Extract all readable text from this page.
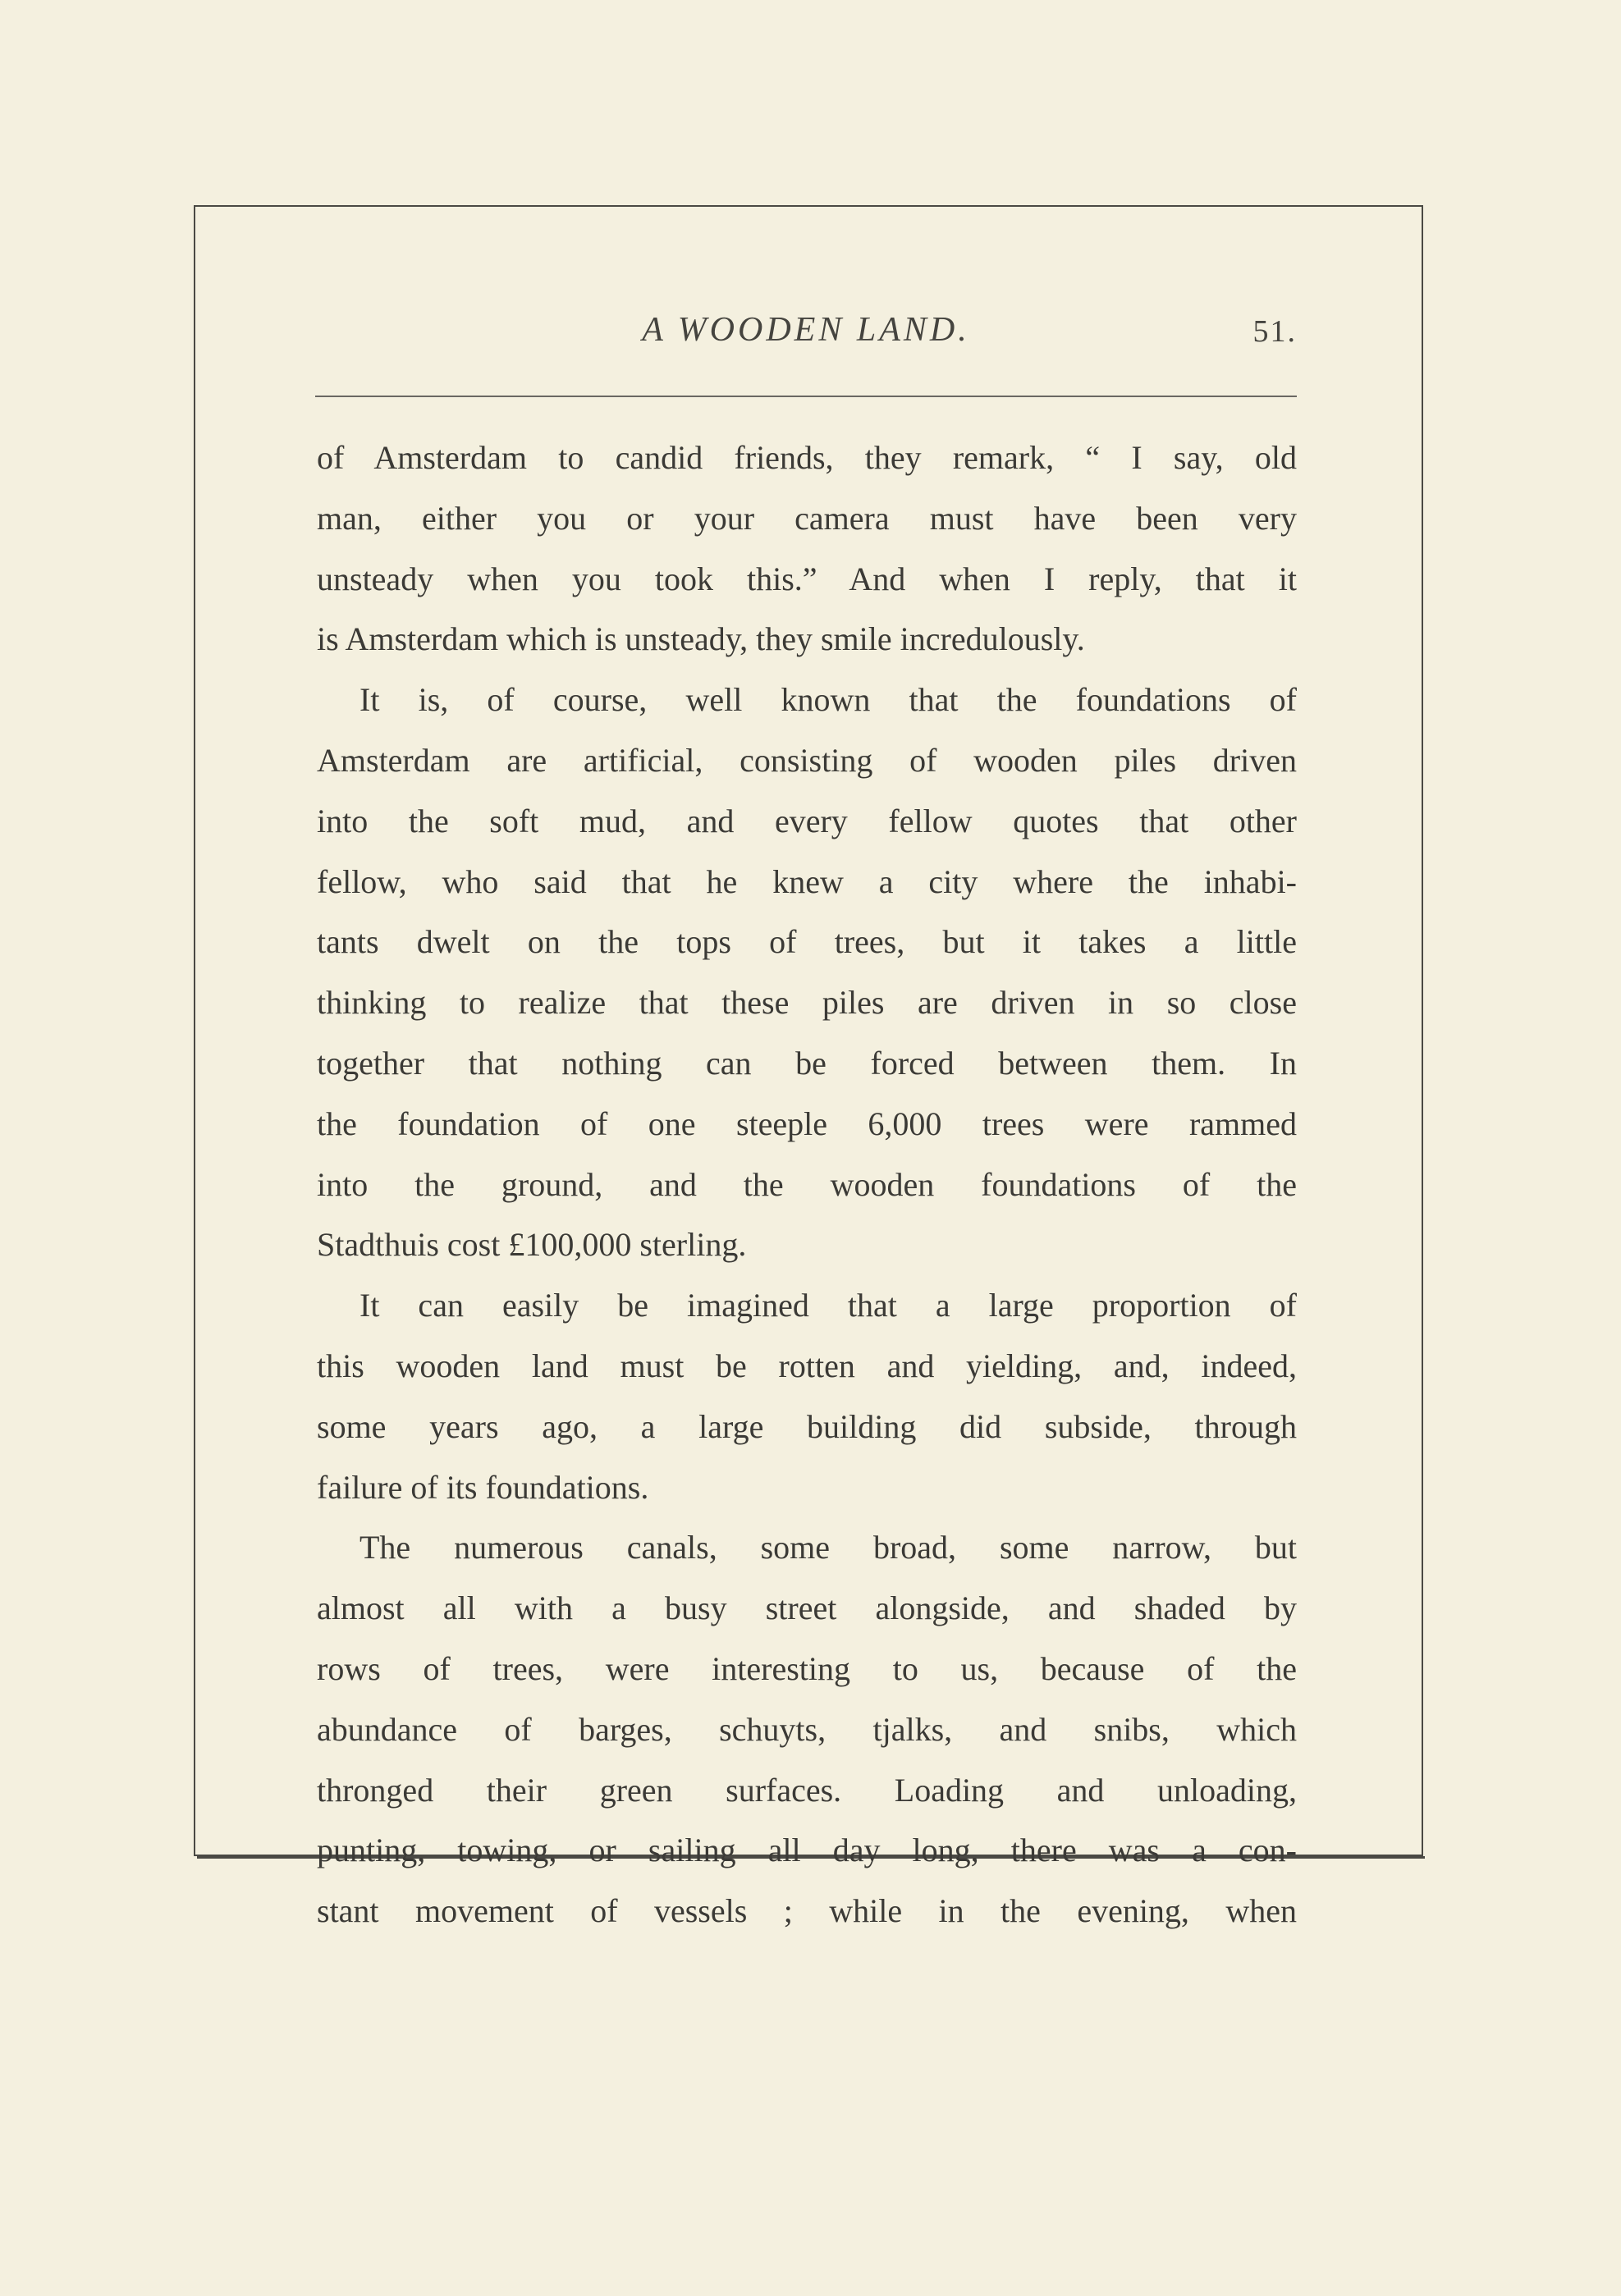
A WOODEN LAND.	51.
of Amsterdam to candid friends, they remark, “ I say, old
man, either you or your camera must have been very
unsteady when you took this.” And when I reply, that it
is Amsterdam which is unsteady, they smile incredulously.
It is, of course, well known that the foundations of
Amsterdam are artificial, consisting of wooden piles driven
into the soft mud, and every fellow quotes that other
fellow, who said that he knew a city where the inhabi-
tants dwelt on the tops of trees, but it takes a little
thinking to realize that these piles are driven in so close
together that nothing can be forced between them. In
the foundation of one steeple 6,000 trees were rammed
into the ground, and the wooden foundations of the
Stadthuis cost £100,000 sterling.
It can easily be imagined that a large proportion of
this wooden land must be rotten and yielding, and, indeed,
some years ago, a large building did subside, through
failure of its foundations.
The numerous canals, some broad, some narrow, but
almost all with a busy street alongside, and shaded by
rows of trees, were interesting to us, because of the
abundance of barges, schuyts, tjalks, and snibs, which
thronged their green surfaces. Loading and unloading,
punting, towing, or sailing all day long, there was a con-
stant movement of vessels ; while in the evening, when
